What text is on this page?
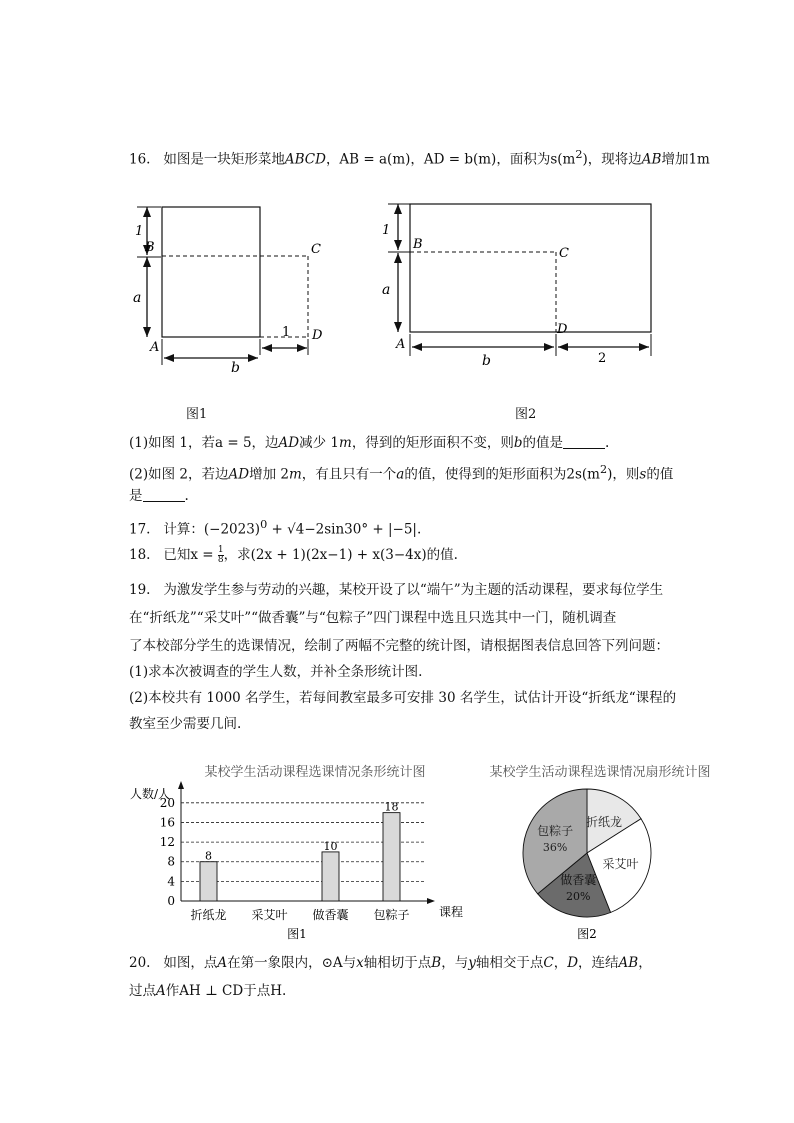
16. 如图是一块矩形菜地ABCD，AB = a(m)，AD = b(m)，面积为$s(m^2)$，现将边AB增加1m
1
a
B	C
D
A
1
b
图1
1
a
B
C
D
A
b	2
图2
(1)如图 1，若a = 5，边AD减少 1m，得到的矩形面积不变，则b的值是	.
(2)如图 2，若边AD增加 2m，有且只有一个a的值，使得到的矩形面积为$2s(m^2)$，则s的值
是	.
17. 计算：$(-2023)^0 + √4-2\sin 30^\circ + |-5|$.
18. 已知$x = \frac{1}{8}$ ，求(2x + 1)(2x−1) + x(3−4x)的值.
19. 为激发学生参与劳动的兴趣，某校开设了以“端午”为主题的活动课程，要求每位学生
在“折纸龙”“采艾叶”“做香囊”与“包粽子”四门课程中选且只选其中一门，随机调查
了本校部分学生的选课情况，绘制了两幅不完整的统计图，请根据图表信息回答下列问题：
(1)求本次被调查的学生人数，并补全条形统计图.
(2)本校共有 1000 名学生，若每间教室最多可安排 30 名学生，试估计开设“折纸龙“课程的
教室至少需要几间.
某校学生活动课程选课情况条形统计图
人数/人
课程
图1
0
4
8
12
16
20
折纸龙
8
采艾叶 做香囊
10
包粽子
18
某校学生活动课程选课情况扇形统计图
折纸龙
采艾叶
做香囊
20%
包粽子
36%
图2
20. 如图，点A在第一象限内，⊙A与x轴相切于点B，与y轴相交于点C，D，连结AB，
过点A作AH ⊥ CD于点H.
